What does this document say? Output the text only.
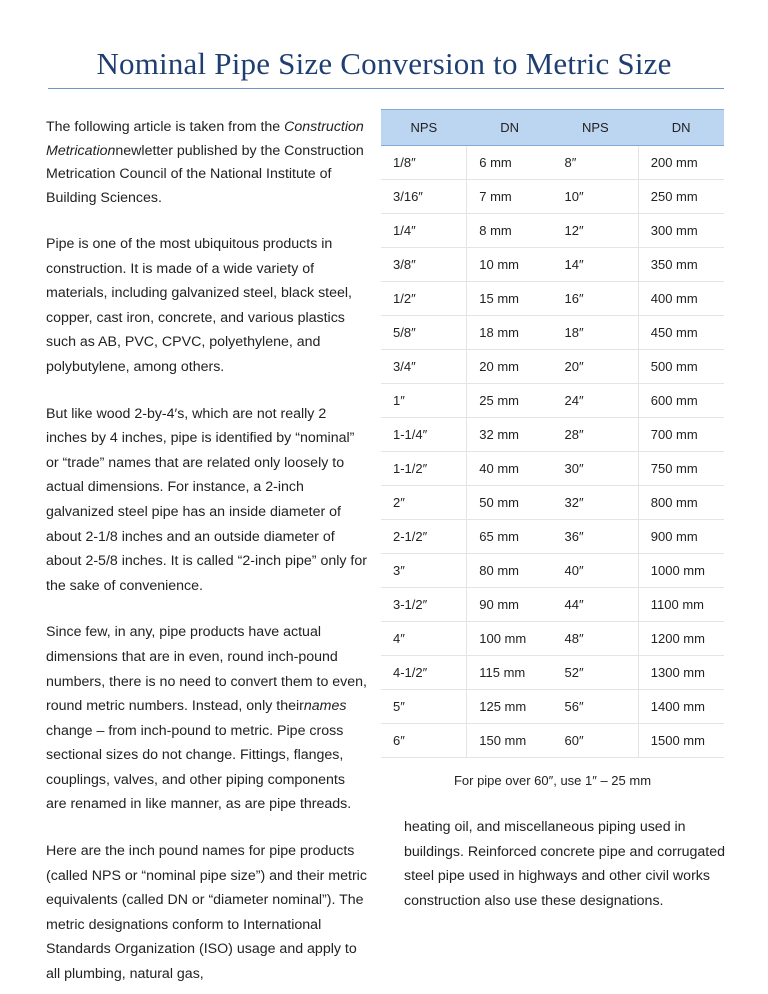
Nominal Pipe Size Conversion to Metric Size

The following article is taken from the Construction Metricationnewletter published by the Construction Metrication Council of the National Institute of Building Sciences.

Pipe is one of the most ubiquitous products in construction. It is made of a wide variety of materials, including galvanized steel, black steel, copper, cast iron, concrete, and various plastics such as AB, PVC, CPVC, polyethylene, and polybutylene, among others.

But like wood 2-by-4′s, which are not really 2 inches by 4 inches, pipe is identified by “nominal” or “trade” names that are related only loosely to actual dimensions. For instance, a 2-inch galvanized steel pipe has an inside diameter of about 2-1/8 inches and an outside diameter of about 2-5/8 inches. It is called “2-inch pipe” only for the sake of convenience.

Since few, in any, pipe products have actual dimensions that are in even, round inch-pound numbers, there is no need to convert them to even, round metric numbers. Instead, only theirnames change – from inch-pound to metric. Pipe cross sectional sizes do not change. Fittings, flanges, couplings, valves, and other piping components are renamed in like manner, as are pipe threads.

Here are the inch pound names for pipe products (called NPS or “nominal pipe size”) and their metric equivalents (called DN or “diameter nominal”). The metric designations conform to International Standards Organization (ISO) usage and apply to all plumbing, natural gas,

NPS	DN	NPS	DN
1/8″	6 mm	8″	200 mm
3/16″	7 mm	10″	250 mm
1/4″	8 mm	12″	300 mm
3/8″	10 mm	14″	350 mm
1/2″	15 mm	16″	400 mm
5/8″	18 mm	18″	450 mm
3/4″	20 mm	20″	500 mm
1″	25 mm	24″	600 mm
1-1/4″	32 mm	28″	700 mm
1-1/2″	40 mm	30″	750 mm
2″	50 mm	32″	800 mm
2-1/2″	65 mm	36″	900 mm
3″	80 mm	40″	1000 mm
3-1/2″	90 mm	44″	1100 mm
4″	100 mm	48″	1200 mm
4-1/2″	115 mm	52″	1300 mm
5″	125 mm	56″	1400 mm
6″	150 mm	60″	1500 mm
For pipe over 60″, use 1″ – 25 mm
heating oil, and miscellaneous piping used in buildings. Reinforced concrete pipe and corrugated steel pipe used in highways and other civil works construction also use these designations.
